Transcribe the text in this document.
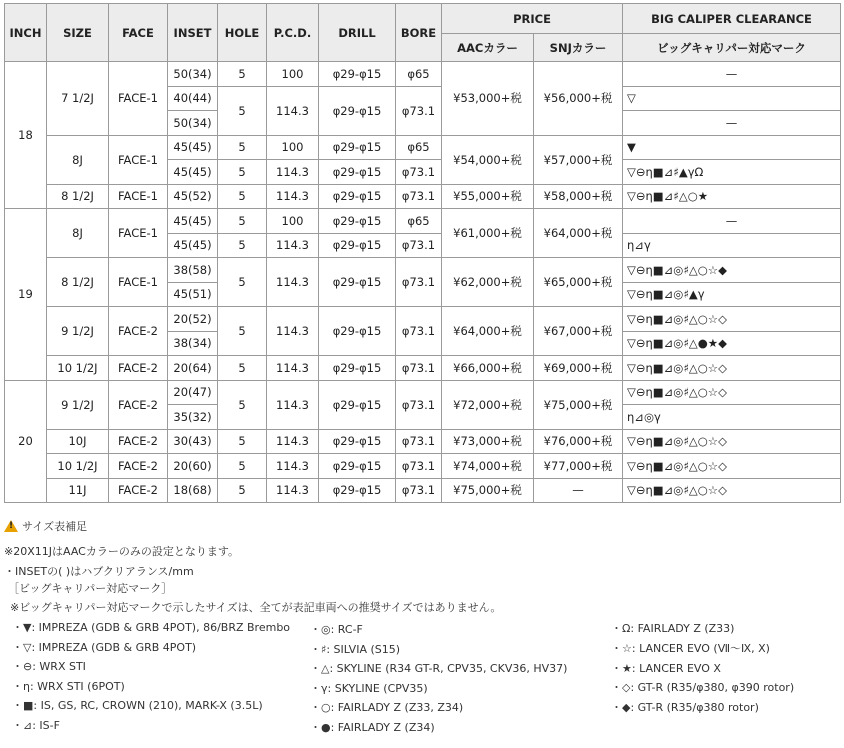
INCH	SIZE	FACE	INSET	HOLE	P.C.D.	DRILL	BORE	PRICE		BIG CALIPER CLEARANCE
								AACカラー	SNJカラー	ビッグキャリパー対応マーク
18	7 1/2J	FACE-1	50(34)	5	100	φ29-φ15	φ65	¥53,000+税	¥56,000+税	—
			40(44)	5	114.3	φ29-φ15	φ73.1			▽
			50(34)							—
	8J	FACE-1	45(45)	5	100	φ29-φ15	φ65	¥54,000+税	¥57,000+税	▼
			45(45)	5	114.3	φ29-φ15	φ73.1			▽⊖η■⊿♯▲γΩ
	8 1/2J	FACE-1	45(52)	5	114.3	φ29-φ15	φ73.1	¥55,000+税	¥58,000+税	▽⊖η■⊿♯△○★
19	8J	FACE-1	45(45)	5	100	φ29-φ15	φ65	¥61,000+税	¥64,000+税	—
			45(45)	5	114.3	φ29-φ15	φ73.1			η⊿γ
	8 1/2J	FACE-1	38(58)	5	114.3	φ29-φ15	φ73.1	¥62,000+税	¥65,000+税	▽⊖η■⊿◎♯△○☆◆
			45(51)							▽⊖η■⊿◎♯▲γ
	9 1/2J	FACE-2	20(52)	5	114.3	φ29-φ15	φ73.1	¥64,000+税	¥67,000+税	▽⊖η■⊿◎♯△○☆◇
			38(34)							▽⊖η■⊿◎♯△●★◆
	10 1/2J	FACE-2	20(64)	5	114.3	φ29-φ15	φ73.1	¥66,000+税	¥69,000+税	▽⊖η■⊿◎♯△○☆◇
20	9 1/2J	FACE-2	20(47)	5	114.3	φ29-φ15	φ73.1	¥72,000+税	¥75,000+税	▽⊖η■⊿◎♯△○☆◇
			35(32)							η⊿◎γ
	10J	FACE-2	30(43)	5	114.3	φ29-φ15	φ73.1	¥73,000+税	¥76,000+税	▽⊖η■⊿◎♯△○☆◇
	10 1/2J	FACE-2	20(60)	5	114.3	φ29-φ15	φ73.1	¥74,000+税	¥77,000+税	▽⊖η■⊿◎♯△○☆◇
	11J	FACE-2	18(68)	5	114.3	φ29-φ15	φ73.1	¥75,000+税	—	▽⊖η■⊿◎♯△○☆◇
!
サイズ表補足
※20X11JはAACカラーのみの設定となります。
・INSETの( )はハブクリアランス/mm
［ビッグキャリパー対応マーク］
※ビッグキャリパー対応マークで示したサイズは、全てが表記車両への推奨サイズではありません。
・▼: IMPREZA (GDB & GRB 4POT), 86/BRZ Brembo
・▽: IMPREZA (GDB & GRB 4POT)
・⊖: WRX STI
・η: WRX STI (6POT)
・■: IS, GS, RC, CROWN (210), MARK-X (3.5L)
・⊿: IS-F
・◎: RC-F
・♯: SILVIA (S15)
・△: SKYLINE (R34 GT-R, CPV35, CKV36, HV37)
・γ: SKYLINE (CPV35)
・○: FAIRLADY Z (Z33, Z34)
・●: FAIRLADY Z (Z34)
・Ω: FAIRLADY Z (Z33)
・☆: LANCER EVO (Ⅶ〜Ⅸ, Ⅹ)
・★: LANCER EVO X
・◇: GT-R (R35/φ380, φ390 rotor)
・◆: GT-R (R35/φ380 rotor)
